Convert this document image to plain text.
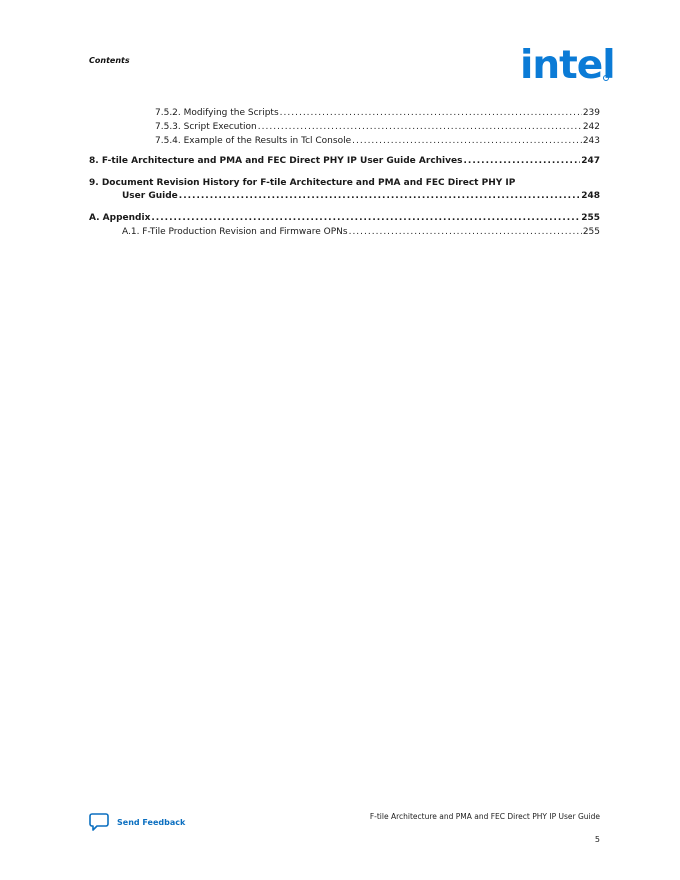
Contents	intel
7.5.2. Modifying the Scripts .....	239
7.5.3. Script Execution .....	242
7.5.4. Example of the Results in Tcl Console .....	243
8. F-tile Architecture and PMA and FEC Direct PHY IP User Guide Archives .....	247
9. Document Revision History for F-tile Architecture and PMA and FEC Direct PHY IP
User Guide .....	248
A. Appendix .....	255
A.1. F-Tile Production Revision and Firmware OPNs .....	255
Send Feedback
F-tile Architecture and PMA and FEC Direct PHY IP User Guide
5
